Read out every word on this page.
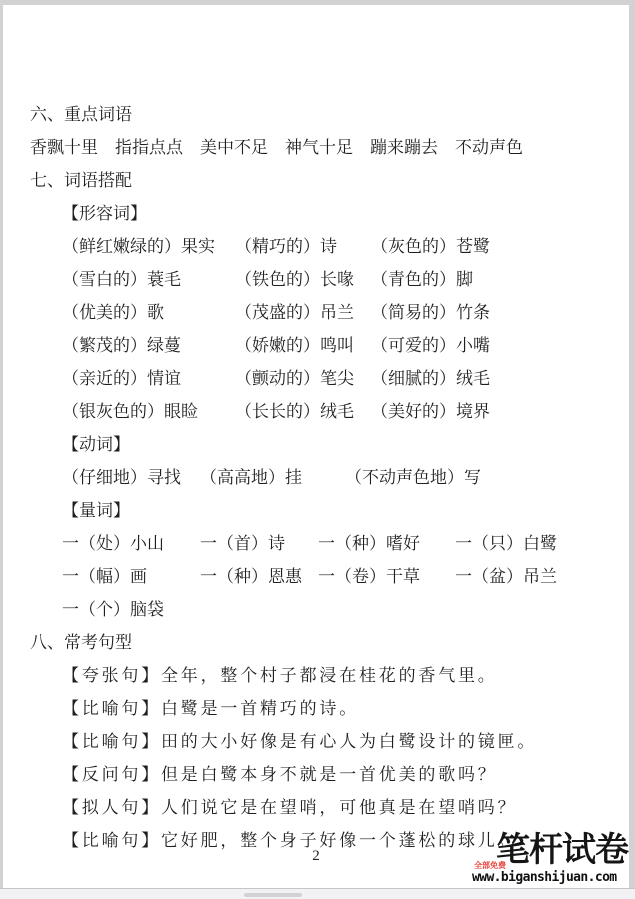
六、重点词语
香飘十里　指指点点　美中不足　神气十足　蹦来蹦去　不动声色
七、词语搭配
【形容词】
（鲜红嫩绿的）果实 （精巧的）诗 （灰色的）苍鹭
（雪白的）蓑毛	（铁色的）长喙 （青色的）脚
（优美的）歌	（茂盛的）吊兰 （简易的）竹条
（繁茂的）绿蔓	（娇嫩的）鸣叫 （可爱的）小嘴
（亲近的）情谊	（颤动的）笔尖 （细腻的）绒毛
（银灰色的）眼睑 （长长的）绒毛 （美好的）境界
【动词】
（仔细地）寻找 （高高地）挂	（不动声色地）写
【量词】
一（处）小山 一（首）诗 一（种）嗜好 一（只）白鹭
一（幅）画	一（种）恩惠 一（卷）干草 一（盆）吊兰
一（个）脑袋
八、常考句型
【夸张句】全年，整个村子都浸在桂花的香气里。
【比喻句】白鹭是一首精巧的诗。
【比喻句】田的大小好像是有心人为白鹭设计的镜匣。
【反问句】但是白鹭本身不就是一首优美的歌吗？
【拟人句】人们说它是在望哨，可他真是在望哨吗？
【比喻句】它好肥，整个身子好像一个蓬松的球儿。
2	笔杆试卷
全部免费
www.biganshijuan.com
